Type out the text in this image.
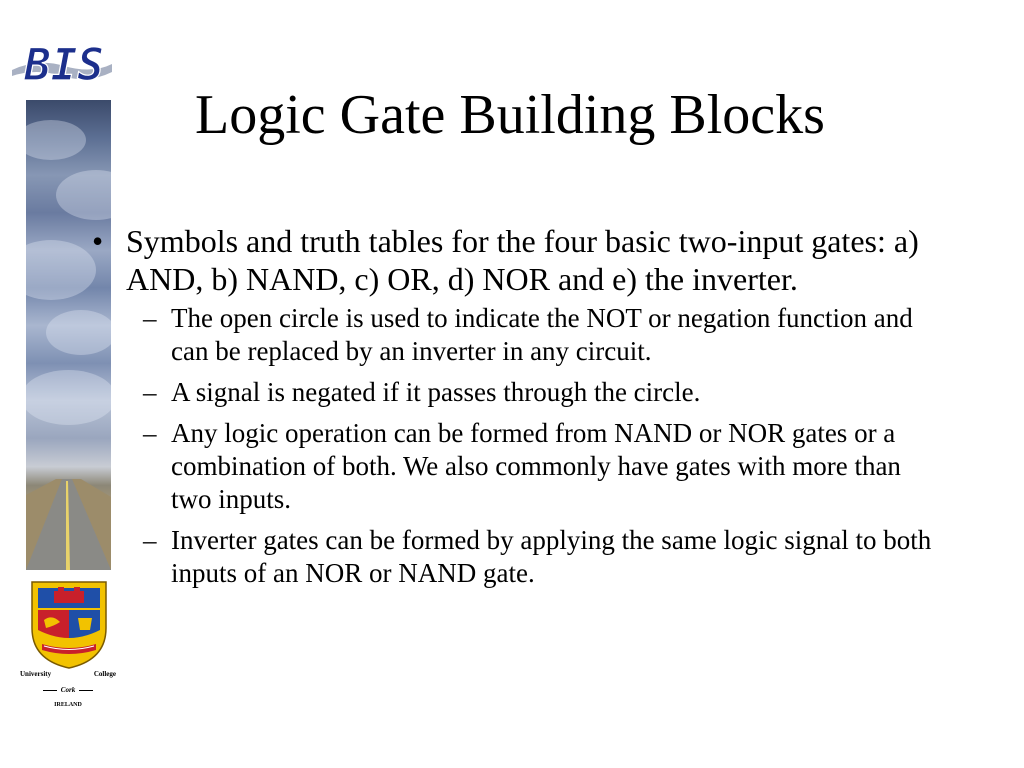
BIS
University	College
Cork
IRELAND
Logic Gate Building Blocks
• Symbols and truth tables for the four basic two-input gates: a) AND, b) NAND, c) OR, d) NOR and e) the inverter.
– The open circle is used to indicate the NOT or negation function and can be replaced by an inverter in any circuit.
– A signal is negated if it passes through the circle.
– Any logic operation can be formed from NAND or NOR gates or a combination of both. We also commonly have gates with more than two inputs.
– Inverter gates can be formed by applying the same logic signal to both inputs of an NOR or NAND gate.
